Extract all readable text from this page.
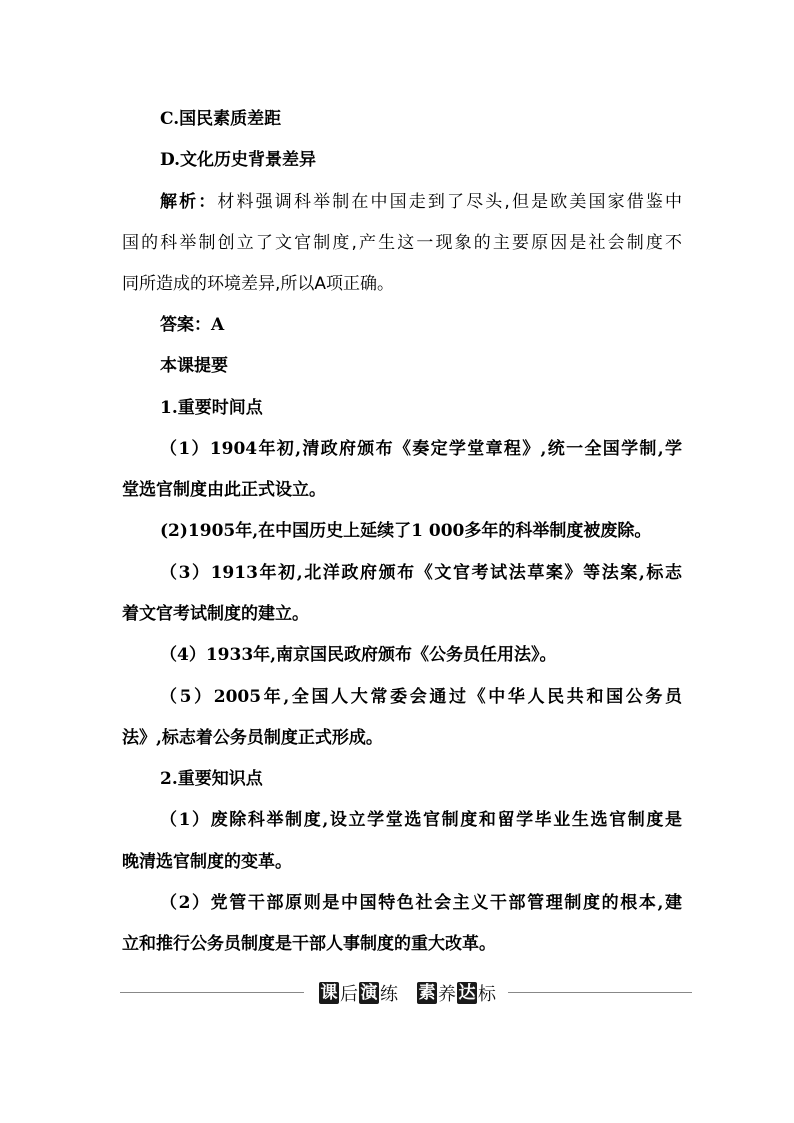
C.国民素质差距
D.文化历史背景差异
解析：材料强调科举制在中国走到了尽头,但是欧美国家借鉴中
国的科举制创立了文官制度,产生这一现象的主要原因是社会制度不
同所造成的环境差异,所以A项正确。
答案：A
本课提要
1.重要时间点
（1）1904年初,清政府颁布《奏定学堂章程》,统一全国学制,学
堂选官制度由此正式设立。
(2)1905年,在中国历史上延续了1 000多年的科举制度被废除。
（3）1913年初,北洋政府颁布《文官考试法草案》等法案,标志
着文官考试制度的建立。
（4）1933年,南京国民政府颁布《公务员任用法》。
（5）2005年,全国人大常委会通过《中华人民共和国公务员
法》,标志着公务员制度正式形成。
2.重要知识点
（1）废除科举制度,设立学堂选官制度和留学毕业生选官制度是
晚清选官制度的变革。
（2）党管干部原则是中国特色社会主义干部管理制度的根本,建
立和推行公务员制度是干部人事制度的重大改革。
课 后 演 练 素 养 达 标
